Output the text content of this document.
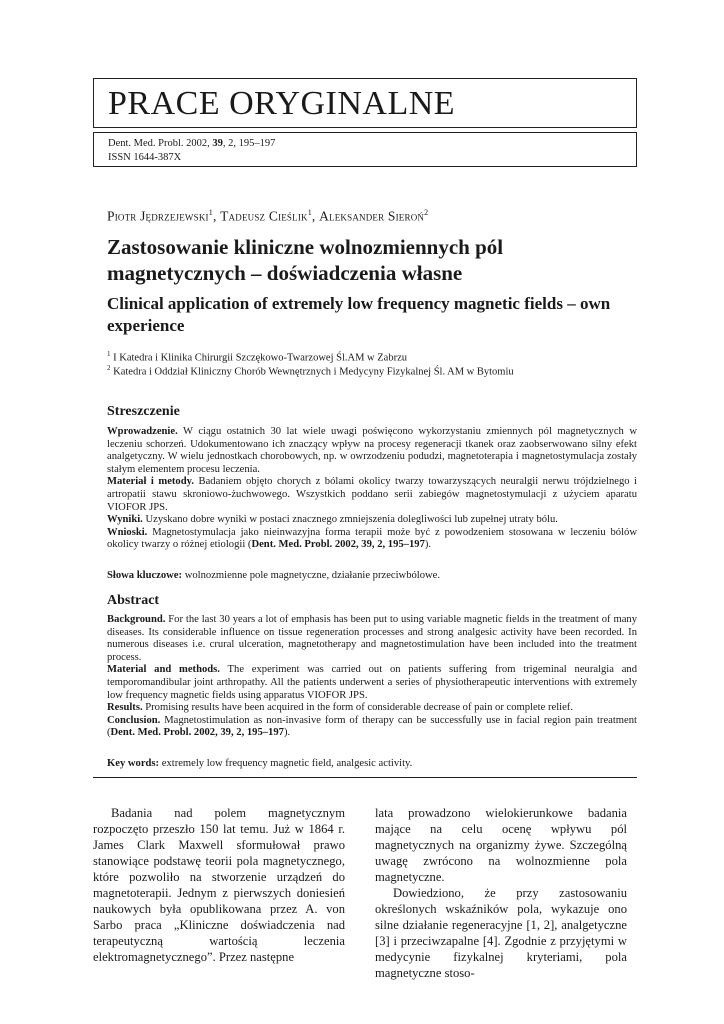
PRACE ORYGINALNE
Dent. Med. Probl. 2002, 39, 2, 195–197
ISSN 1644-387X
Piotr Jędrzejewski$^1$, Tadeusz Cieślik$^1$, Aleksander Sieroń$^2$
Zastosowanie kliniczne wolnozmiennych pól magnetycznych – doświadczenia własne
Clinical application of extremely low frequency magnetic fields – own experience
$^1$ I Katedra i Klinika Chirurgii Szczękowo-Twarzowej Śl.AM w Zabrzu
$^2$ Katedra i Oddział Kliniczny Chorób Wewnętrznych i Medycyny Fizykalnej Śl. AM w Bytomiu
Streszczenie
Wprowadzenie. W ciągu ostatnich 30 lat wiele uwagi poświęcono wykorzystaniu zmiennych pól magnetycznych w leczeniu schorzeń. Udokumentowano ich znaczący wpływ na procesy regeneracji tkanek oraz zaobserwowano silny efekt analgetyczny. W wielu jednostkach chorobowych, np. w owrzodzeniu podudzi, magnetoterapia i magnetostymulacja zostały stałym elementem procesu leczenia.
Materiał i metody. Badaniem objęto chorych z bólami okolicy twarzy towarzyszących neuralgii nerwu trójdzielnego i artropatii stawu skroniowo-żuchwowego. Wszystkich poddano serii zabiegów magnetostymulacji z użyciem aparatu VIOFOR JPS.
Wyniki. Uzyskano dobre wyniki w postaci znacznego zmniejszenia dolegliwości lub zupełnej utraty bólu.
Wnioski. Magnetostymulacja jako nieinwazyjna forma terapii może być z powodzeniem stosowana w leczeniu bólów okolicy twarzy o różnej etiologii (Dent. Med. Probl. 2002, 39, 2, 195–197).
Słowa kluczowe: wolnozmienne pole magnetyczne, działanie przeciwbólowe.
Abstract
Background. For the last 30 years a lot of emphasis has been put to using variable magnetic fields in the treatment of many diseases. Its considerable influence on tissue regeneration processes and strong analgesic activity have been recorded. In numerous diseases i.e. crural ulceration, magnetotherapy and magnetostimulation have been included into the treatment process.
Material and methods. The experiment was carried out on patients suffering from trigeminal neuralgia and temporomandibular joint arthropathy. All the patients underwent a series of physiotherapeutic interventions with extremely low frequency magnetic fields using apparatus VIOFOR JPS.
Results. Promising results have been acquired in the form of considerable decrease of pain or complete relief.
Conclusion. Magnetostimulation as non-invasive form of therapy can be successfully use in facial region pain treatment (Dent. Med. Probl. 2002, 39, 2, 195–197).
Key words: extremely low frequency magnetic field, analgesic activity.

Badania nad polem magnetycznym rozpoczęto przeszło 150 lat temu. Już w 1864 r. James Clark Maxwell sformułował prawo stanowiące podstawę teorii pola magnetycznego, które pozwoliło na stworzenie urządzeń do magnetoterapii. Jednym z pierwszych doniesień naukowych była opublikowana przez A. von Sarbo praca „Kliniczne doświadczenia nad terapeutyczną wartością leczenia elektromagnetycznego”. Przez następne

lata prowadzono wielokierunkowe badania mające na celu ocenę wpływu pól magnetycznych na organizmy żywe. Szczególną uwagę zwrócono na wolnozmienne pola magnetyczne.

Dowiedziono, że przy zastosowaniu określonych wskaźników pola, wykazuje ono silne działanie regeneracyjne [1, 2], analgetyczne [3] i przeciwzapalne [4]. Zgodnie z przyjętymi w medycynie fizykalnej kryteriami, pola magnetyczne stoso-
